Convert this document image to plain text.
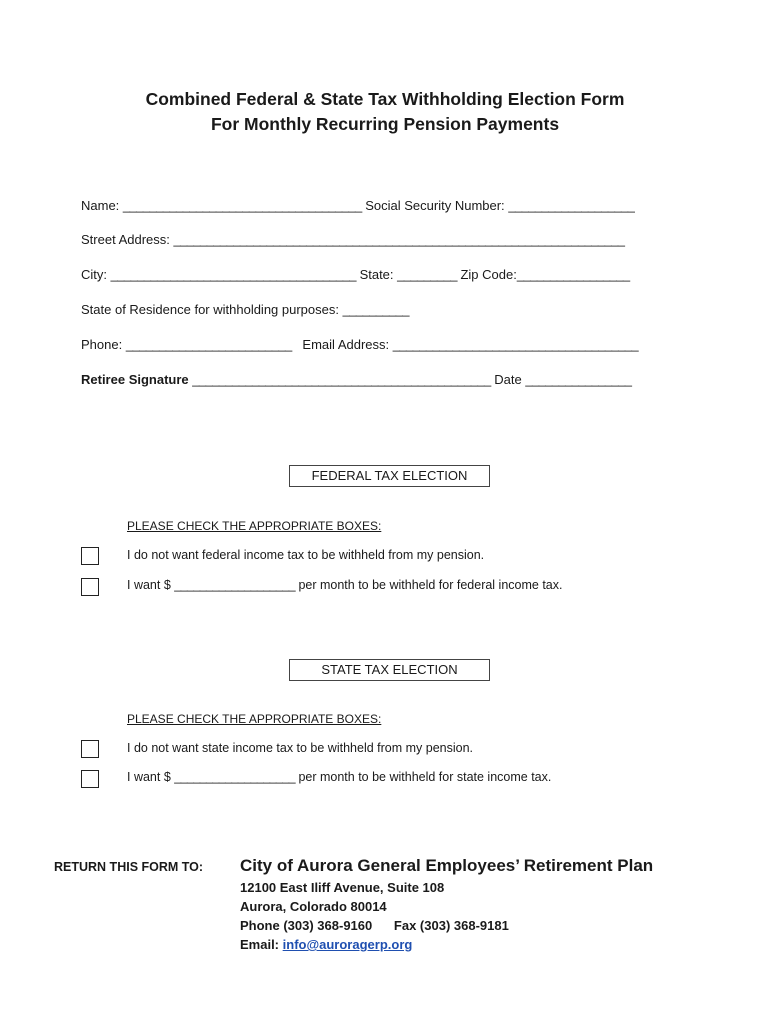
Combined Federal & State Tax Withholding Election Form
For Monthly Recurring Pension Payments
Name: ____________________________________ Social Security Number: ___________________
Street Address: ____________________________________________________________________
City: _____________________________________ State: _________ Zip Code:_________________
State of Residence for withholding purposes: __________
Phone: _________________________ Email Address: _____________________________________
Retiree Signature _____________________________________________ Date ________________
FEDERAL TAX ELECTION
PLEASE CHECK THE APPROPRIATE BOXES:
I do not want federal income tax to be withheld from my pension.
I want $ ___________________ per month to be withheld for federal income tax.
STATE TAX ELECTION
PLEASE CHECK THE APPROPRIATE BOXES:
I do not want state income tax to be withheld from my pension.
I want $ ___________________ per month to be withheld for state income tax.
RETURN THIS FORM TO: City of Aurora General Employees’ Retirement Plan
12100 East Iliff Avenue, Suite 108
Aurora, Colorado 80014
Phone (303) 368-9160 Fax (303) 368-9181
Email: info@auroragerp.org
